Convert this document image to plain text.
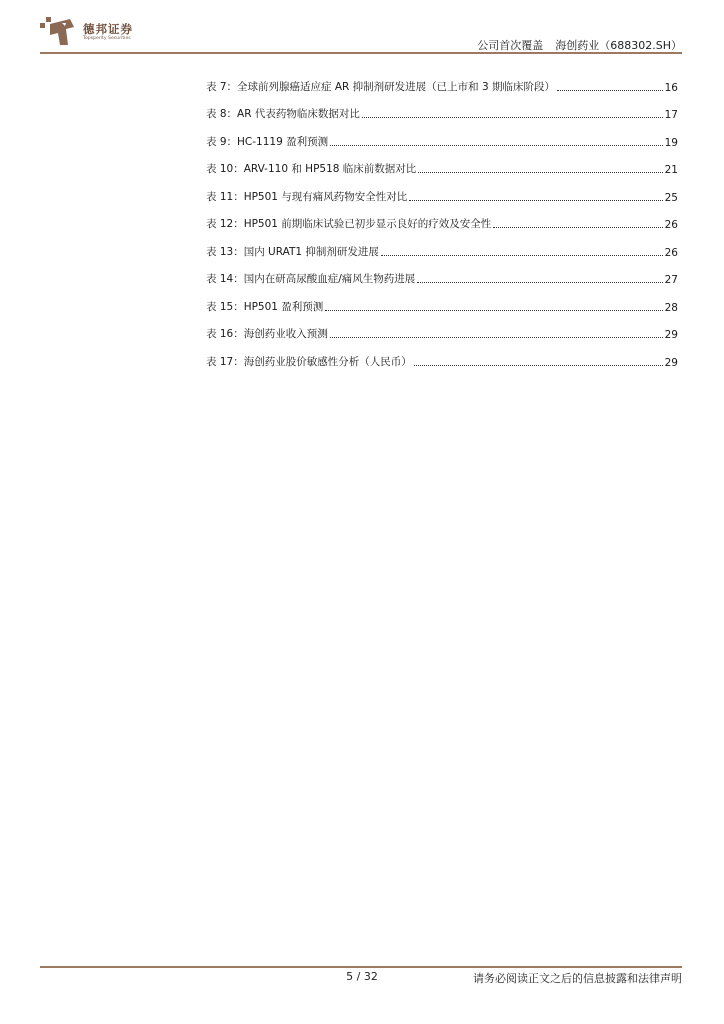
德邦证券
Topsperity Securities
公司首次覆盖 海创药业（688302.SH）
表 7：全球前列腺癌适应症 AR 抑制剂研发进展（已上市和 3 期临床阶段）	16
表 8：AR 代表药物临床数据对比	17
表 9：HC-1119 盈利预测	19
表 10：ARV-110 和 HP518 临床前数据对比	21
表 11：HP501 与现有痛风药物安全性对比	25
表 12：HP501 前期临床试验已初步显示良好的疗效及安全性	26
表 13：国内 URAT1 抑制剂研发进展	26
表 14：国内在研高尿酸血症/痛风生物药进展	27
表 15：HP501 盈利预测	28
表 16：海创药业收入预测	29
表 17：海创药业股价敏感性分析（人民币）	29
5 / 32	请务必阅读正文之后的信息披露和法律声明
